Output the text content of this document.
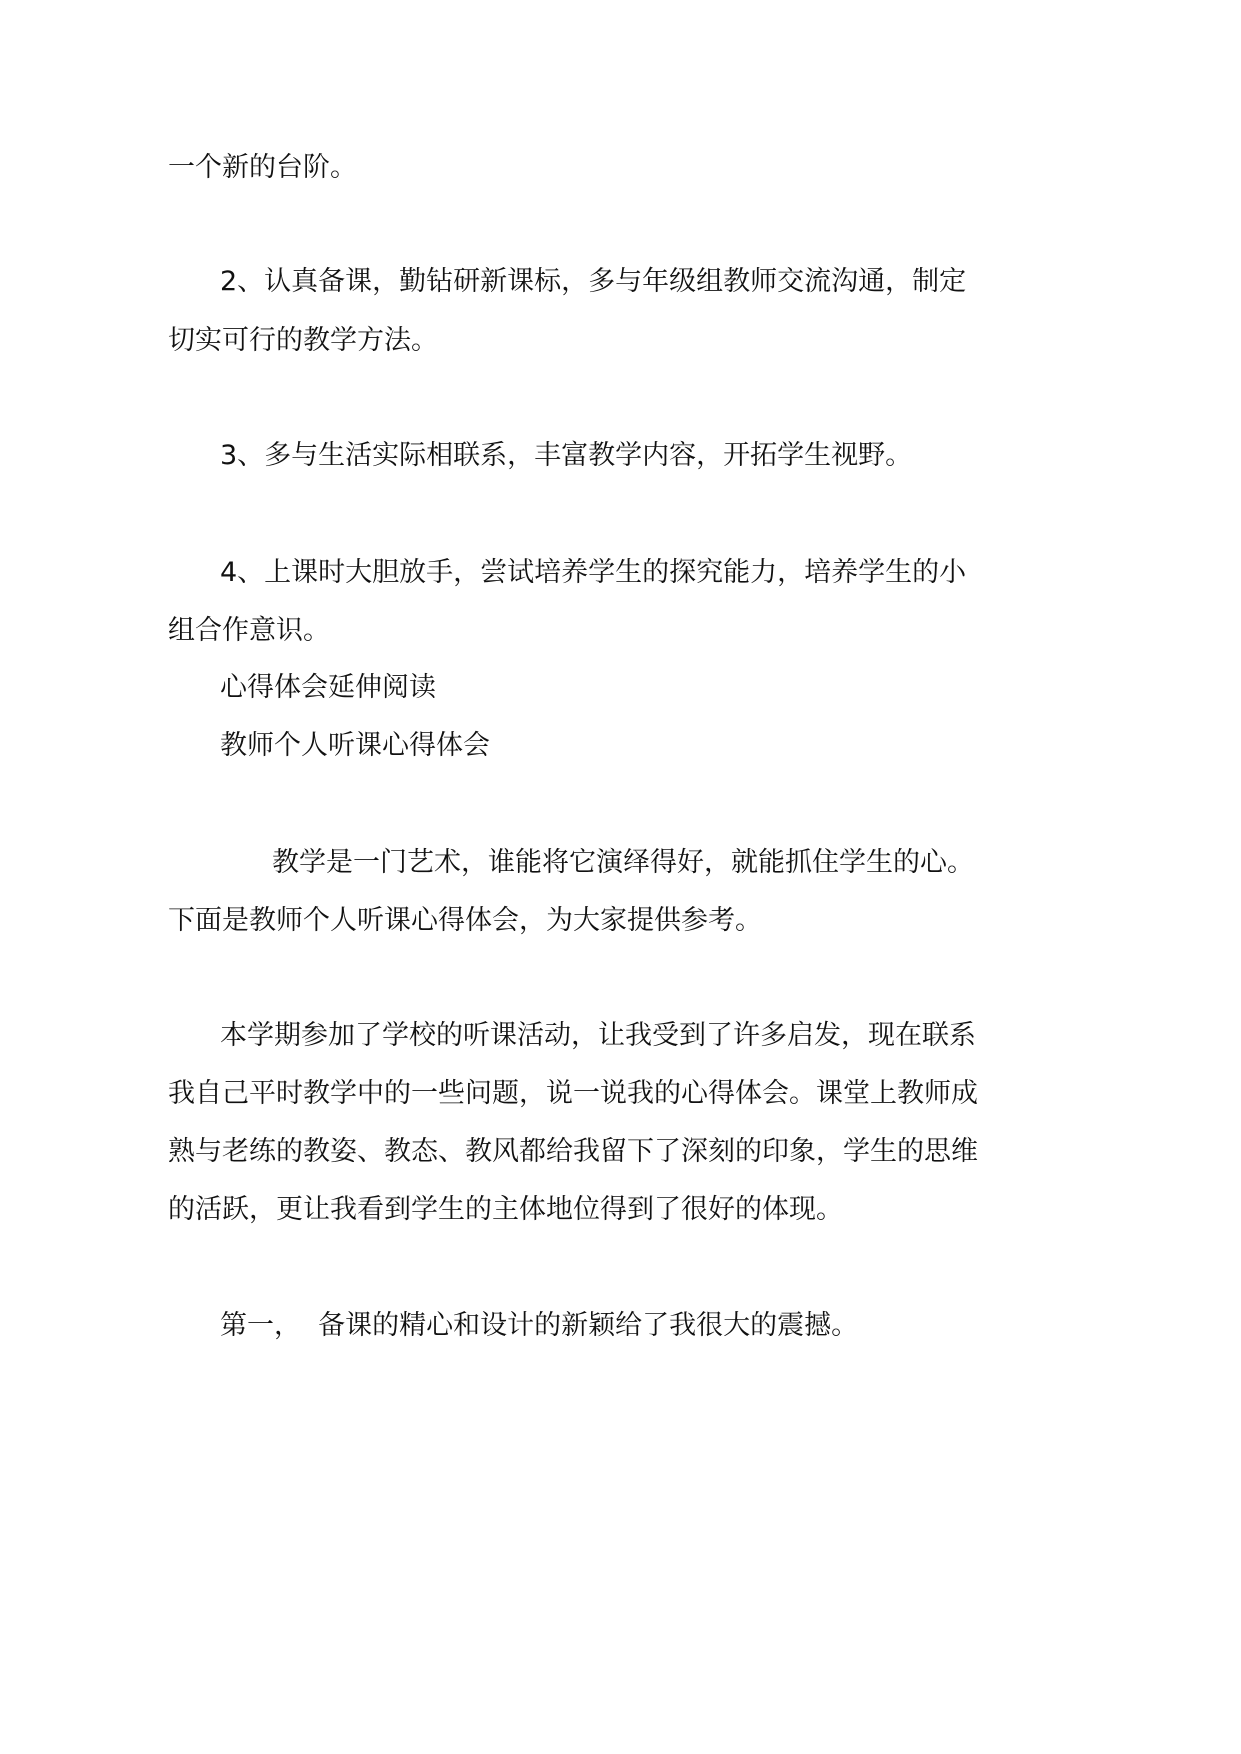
一个新的台阶。
2、认真备课，勤钻研新课标，多与年级组教师交流沟通，制定
切实可行的教学方法。
3、多与生活实际相联系，丰富教学内容，开拓学生视野。
4、上课时大胆放手，尝试培养学生的探究能力，培养学生的小
组合作意识。
心得体会延伸阅读
教师个人听课心得体会
教学是一门艺术，谁能将它演绎得好，就能抓住学生的心。
下面是教师个人听课心得体会，为大家提供参考。
本学期参加了学校的听课活动，让我受到了许多启发，现在联系
我自己平时教学中的一些问题，说一说我的心得体会。课堂上教师成
熟与老练的教姿、教态、教风都给我留下了深刻的印象，学生的思维
的活跃，更让我看到学生的主体地位得到了很好的体现。
第一，  备课的精心和设计的新颖给了我很大的震撼。
